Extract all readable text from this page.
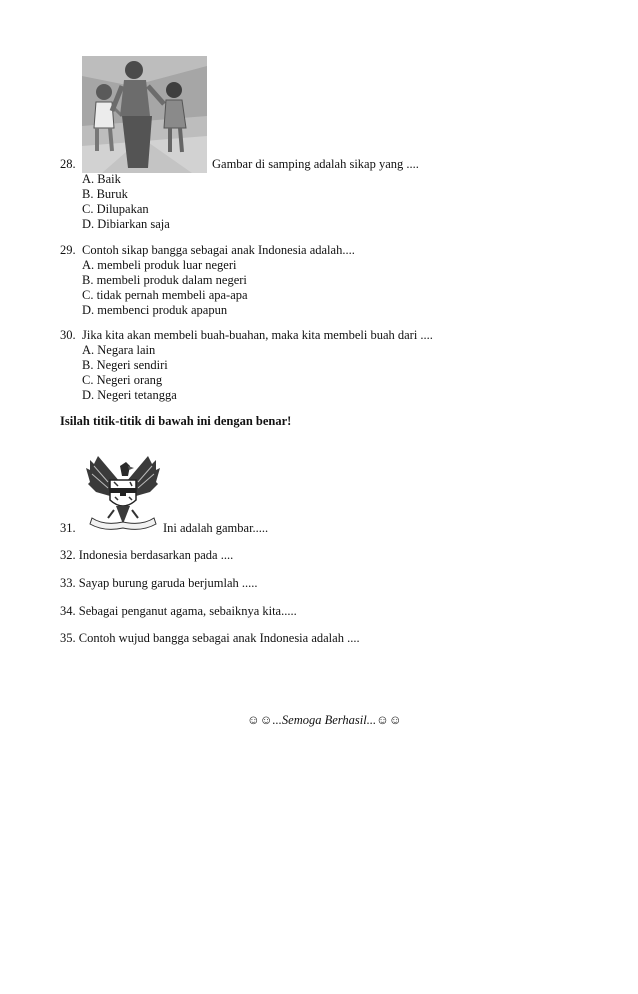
28.	Gambar di samping adalah sikap yang ....
A. Baik
B. Buruk
C. Dilupakan
D. Dibiarkan saja
29. Contoh sikap bangga sebagai anak Indonesia adalah....
A. membeli produk luar negeri
B. membeli produk dalam negeri
C. tidak pernah membeli apa-apa
D. membenci produk apapun
30. Jika kita akan membeli buah-buahan, maka kita membeli buah dari ....
A. Negara lain
B. Negeri sendiri
C. Negeri orang
D. Negeri tetangga
Isilah titik-titik di bawah ini dengan benar!
31.	Ini adalah gambar.....
32. Indonesia berdasarkan pada ....
33. Sayap burung garuda berjumlah .....
34. Sebagai penganut agama, sebaiknya kita.....
35. Contoh wujud bangga sebagai anak Indonesia adalah ....
☺☺...Semoga Berhasil...☺☺
